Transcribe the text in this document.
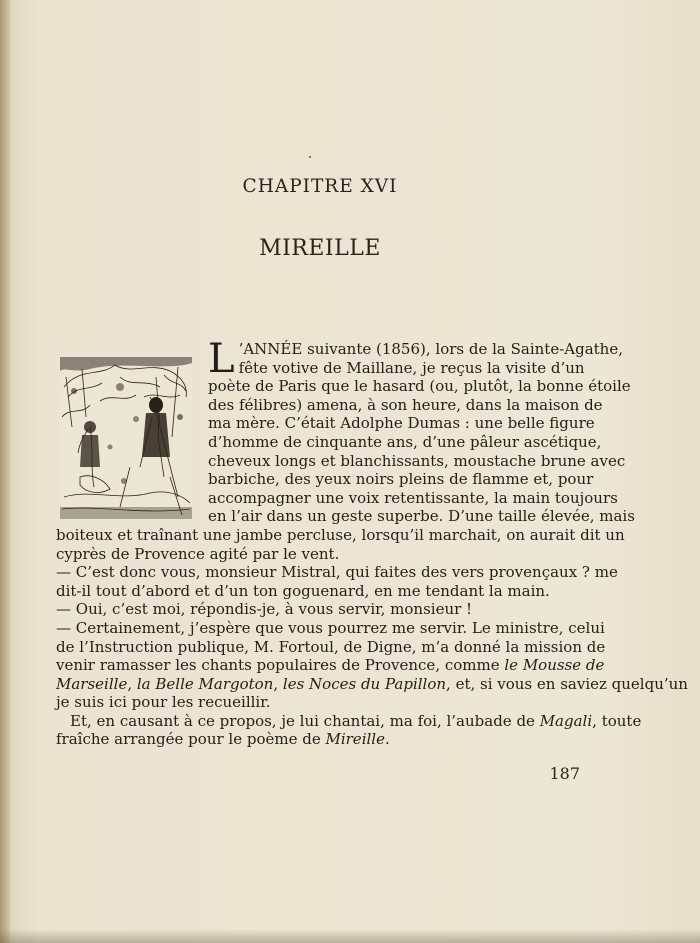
CHAPITRE XVI
MIREILLE

L ’ANNÉE suivante (1856), lors de la Sainte-Agathe,
fête votive de Maillane, je reçus la visite d’un
poète de Paris que le hasard (ou, plutôt, la bonne étoile
des félibres) amena, à son heure, dans la maison de
ma mère. C’était Adolphe Dumas : une belle figure
d’homme de cinquante ans, d’une pâleur ascétique,
cheveux longs et blanchissants, moustache brune avec
barbiche, des yeux noirs pleins de flamme et, pour
accompagner une voix retentissante, la main toujours
en l’air dans un geste superbe. D’une taille élevée, mais
boiteux et traînant une jambe percluse, lorsqu’il marchait, on aurait dit un
cyprès de Provence agité par le vent.

— C’est donc vous, monsieur Mistral, qui faites des vers provençaux ? me
dit-il tout d’abord et d’un ton goguenard, en me tendant la main.

— Oui, c’est moi, répondis-je, à vous servir, monsieur !

— Certainement, j’espère que vous pourrez me servir. Le ministre, celui
de l’Instruction publique, M. Fortoul, de Digne, m’a donné la mission de
venir ramasser les chants populaires de Provence, comme le Mousse de
Marseille, la Belle Margoton, les Noces du Papillon, et, si vous en saviez quelqu’un
je suis ici pour les recueillir.

Et, en causant à ce propos, je lui chantai, ma foi, l’aubade de Magali, toute
fraîche arrangée pour le poème de Mireille.

187
